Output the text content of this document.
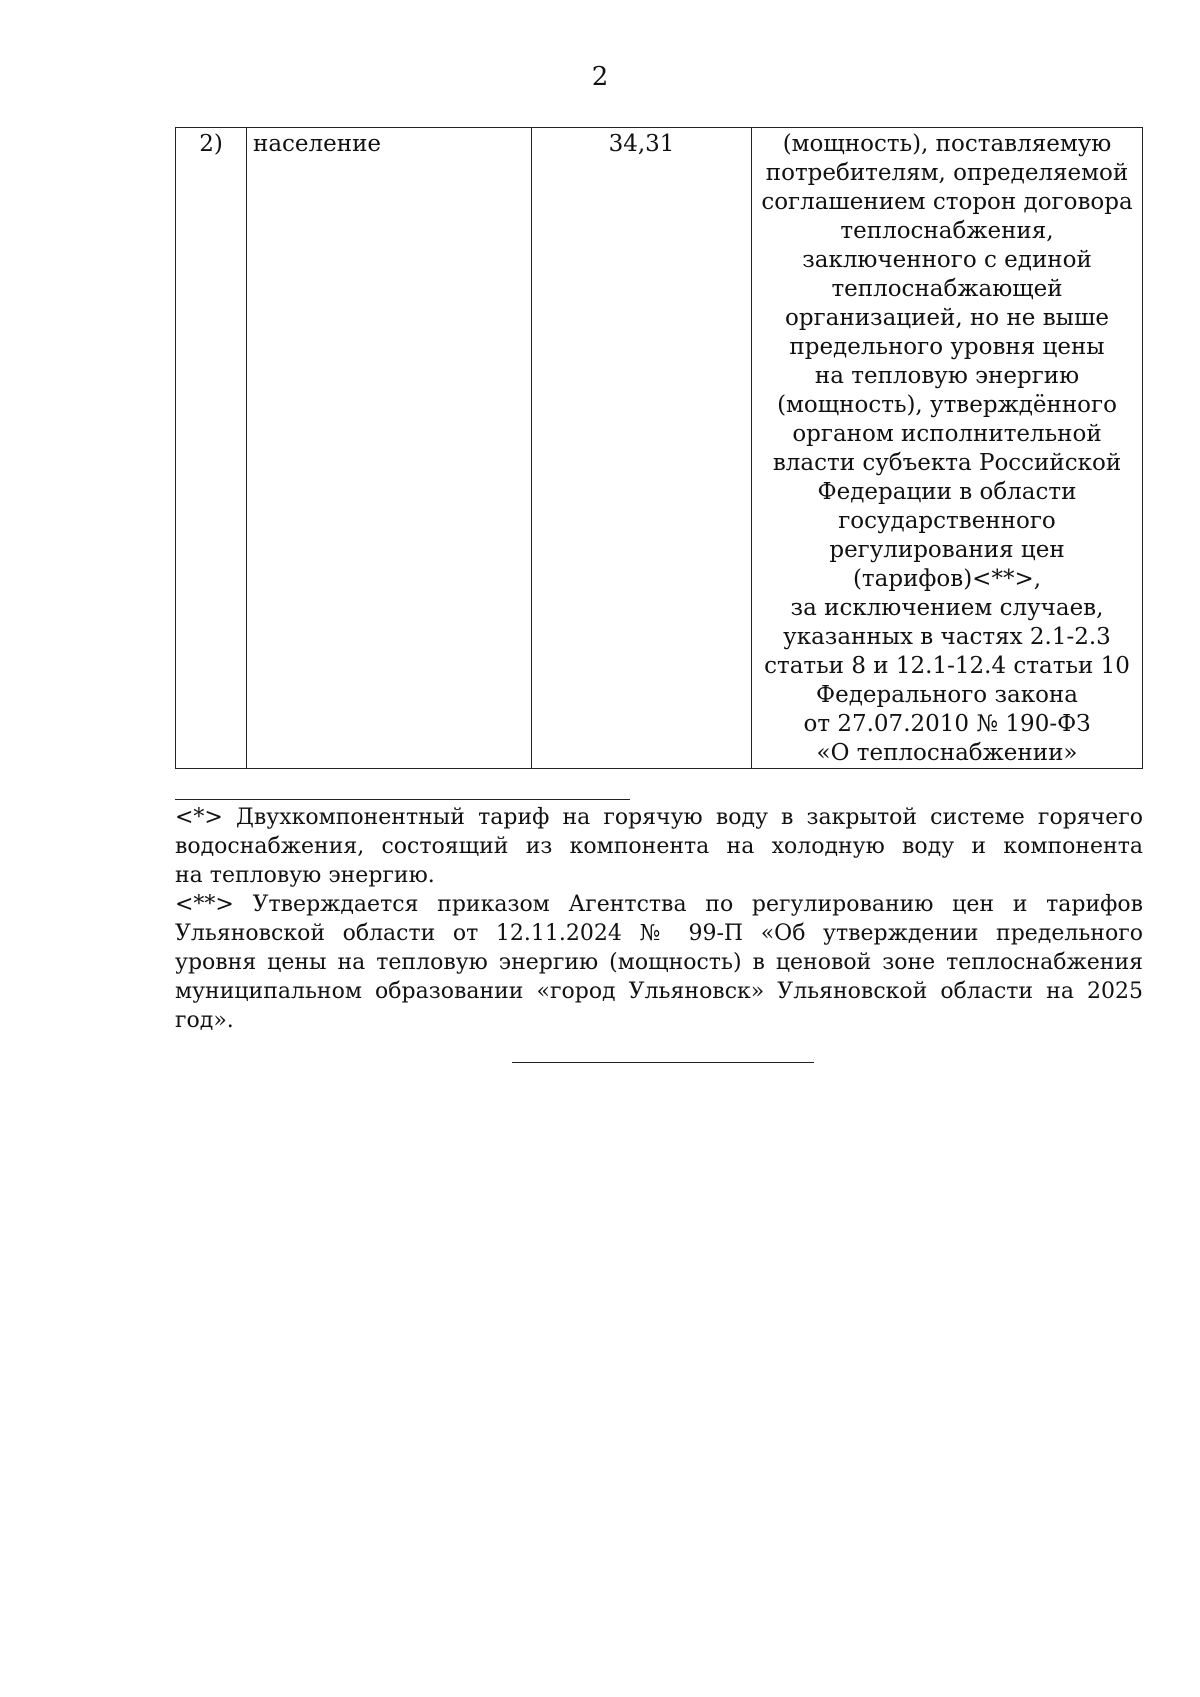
2
2)	население	34,31	(мощность), поставляемую
потребителям, определяемой
соглашением сторон договора
теплоснабжения,
заключенного с единой
теплоснабжающей
организацией, но не выше
предельного уровня цены
на тепловую энергию
(мощность), утверждённого
органом исполнительной
власти субъекта Российской
Федерации в области
государственного
регулирования цен
(тарифов)<**>,
за исключением случаев,
указанных в частях 2.1-2.3
статьи 8 и 12.1-12.4 статьи 10
Федерального закона
от 27.07.2010 № 190-ФЗ
«О теплоснабжении»
<*> Двухкомпонентный тариф на горячую воду в закрытой системе горячего
водоснабжения, состоящий из компонента на холодную воду и компонента
на тепловую энергию.
<**> Утверждается приказом Агентства по регулированию цен и тарифов
Ульяновской области от 12.11.2024 № 99-П «Об утверждении предельного
уровня цены на тепловую энергию (мощность) в ценовой зоне теплоснабжения
муниципальном образовании «город Ульяновск» Ульяновской области на 2025
год».
